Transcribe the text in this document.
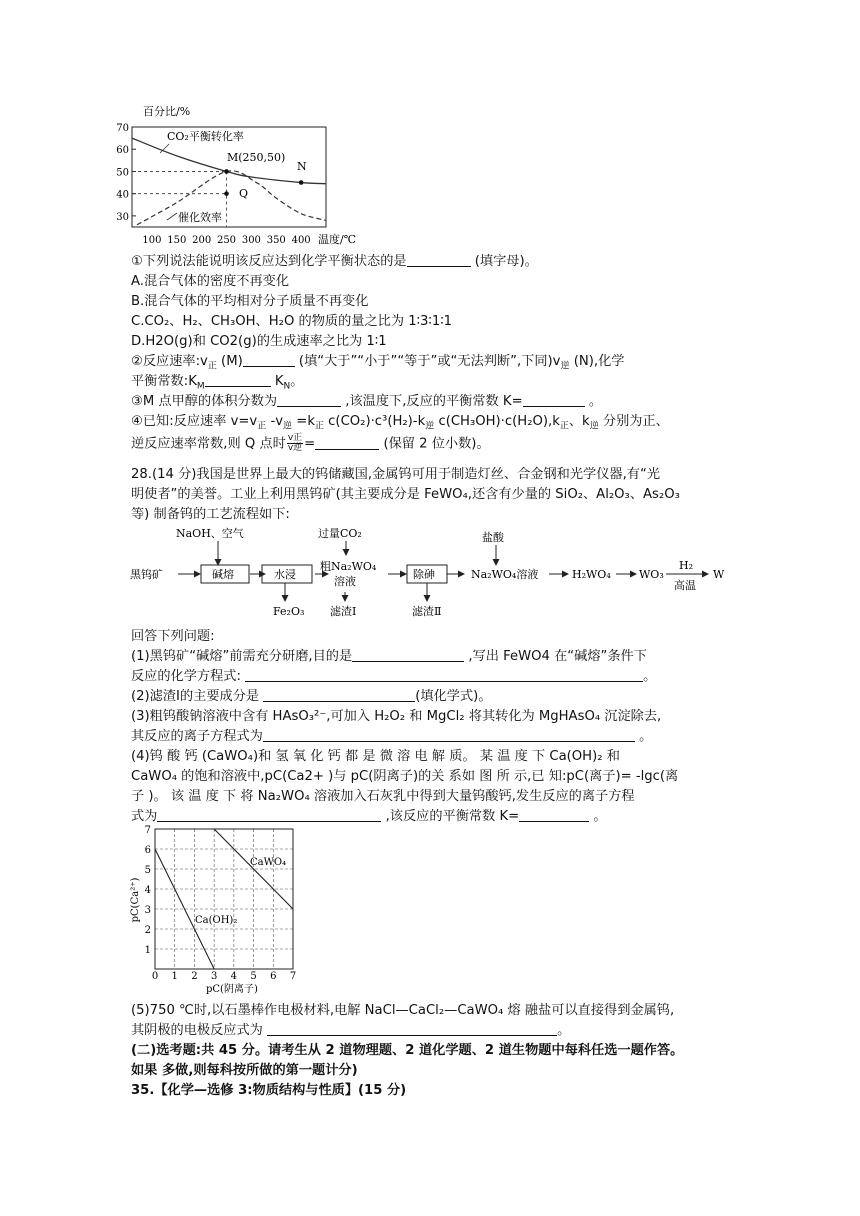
百分比/%
70
60
50
40
30
100 150 200 250 300 350 400
CO₂平衡转化率
催化效率
M(250,50)
N
Q
温度/℃
①下列说法能说明该反应达到化学平衡状态的是	(填字母)。
A.混合气体的密度不再变化
B.混合气体的平均相对分子质量不再变化
C.CO₂、H₂、CH₃OH、H₂O 的物质的量之比为 1∶3∶1∶1
D.H2O(g)和 CO2(g)的生成速率之比为 1∶1
②反应速率$:v_正$ (M)	(填“大于”“小于”“等于”或“无法判断”,下同)$v_逆$ (N),化学
平衡常数$:K_M$	$K_N$。
③M 点甲醇的体积分数为	,该温度下,反应的平衡常数 K=	。
④已知:反应速率 $v=v_正$ $-v_逆 =k_正$ $c(CO_2)\cdot c^3(H_2)-k_逆$ $c(CH_3OH)\cdot c(H_2O),k_正$、$k_逆$ 分别为正、
逆反应速率常数,则 Q 点时 $\frac{\text{v正}}{\text{v逆}}$ =	(保留 2 位小数)。
28.(14 分)我国是世界上最大的钨储藏国,金属钨可用于制造灯丝、合金钢和光学仪器,有“光
明使者”的美誉。工业上利用黑钨矿(其主要成分是 FeWO₄,还含有少量的 SiO₂、Al₂O₃、As₂O₃
等) 制备钨的工艺流程如下:
黑钨矿
NaOH、空气
碱熔	水浸
Fe₂O₃
过量CO₂
粗Na₂WO₄
溶液
滤渣Ⅰ
除砷
滤渣Ⅱ
盐酸
Na₂WO₄溶液	H₂WO₄	WO₃
H₂
高温
W
回答下列问题:
(1)黑钨矿“碱熔”前需充分研磨,目的是	,写出 FeWO4 在“碱熔”条件下
反应的化学方程式:	。
(2)滤渣Ⅰ的主要成分是	(填化学式)。
(3)粗钨酸钠溶液中含有 HAsO₃²⁻,可加入 H₂O₂ 和 MgCl₂ 将其转化为 MgHAsO₄ 沉淀除去,
其反应的离子方程式为	。
(4)钨 酸 钙 (CaWO₄)和 氢 氧 化 钙 都 是 微 溶 电 解 质。 某 温 度 下 Ca(OH)₂ 和
CaWO₄ 的饱和溶液中,pC(Ca2+ )与 pC(阴离子)的关 系如 图 所 示,已 知:pC(离子)= -lgc(离
子 )。 该 温 度 下 将 Na₂WO₄ 溶液加入石灰乳中得到大量钨酸钙,发生反应的离子方程
式为	,该反应的平衡常数 K=	。
7
6
5
4
3
2
1
0 1 2 3 4 5 6 7
pC(Ca²⁺)
CaWO₄
Ca(OH)₂
pC(阴离子)
(5)750 ℃时,以石墨棒作电极材料,电解 NaCl—CaCl₂—CaWO₄ 熔 融盐可以直接得到金属钨,
其阴极的电极反应式为	。
(二)选考题:共 45 分。请考生从 2 道物理题、2 道化学题、2 道生物题中每科任选一题作答。
如果 多做,则每科按所做的第一题计分)
35.【化学—选修 3:物质结构与性质】(15 分)
